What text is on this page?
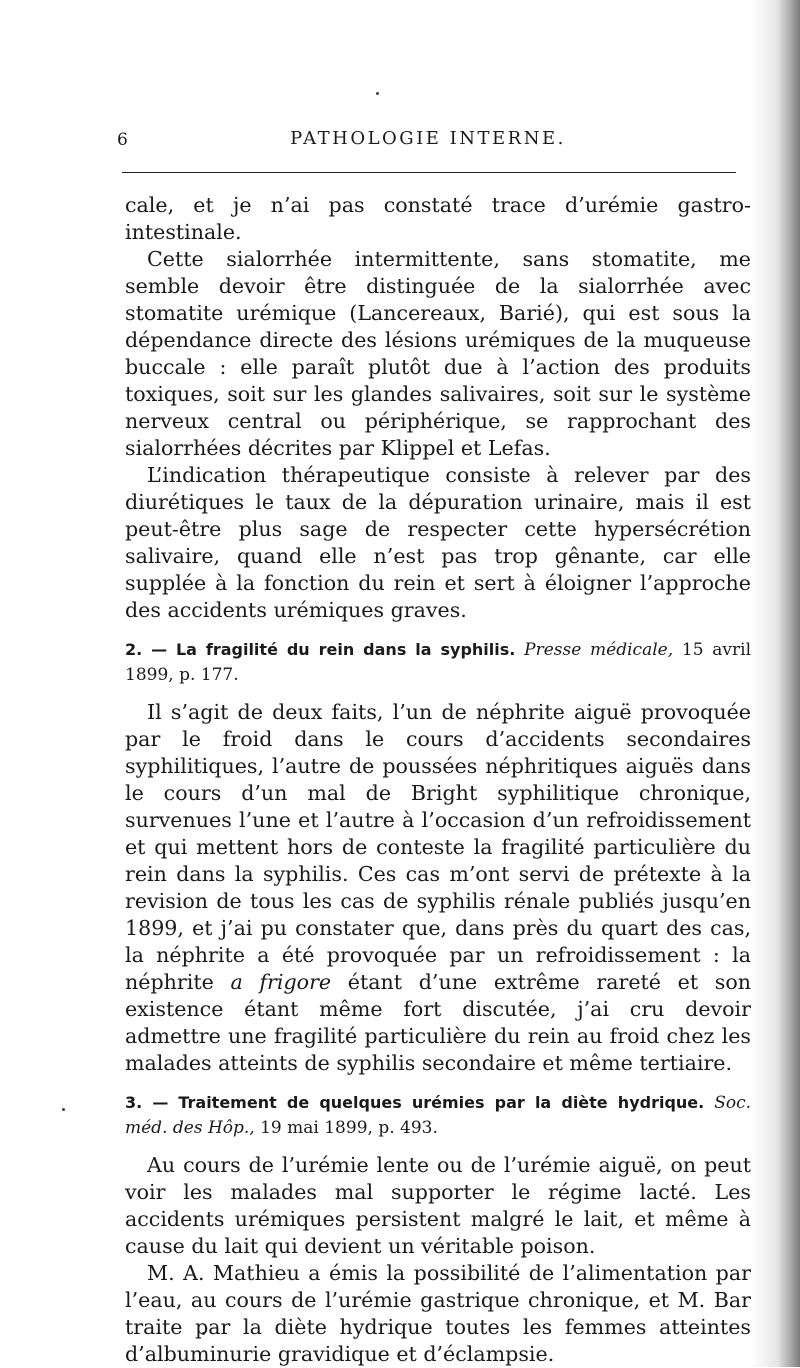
6	PATHOLOGIE INTERNE.

cale, et je n’ai pas constaté trace d’urémie gastro-intestinale.

Cette sialorrhée intermittente, sans stomatite, me semble devoir être distinguée de la sialorrhée avec stomatite urémique (Lancereaux, Barié), qui est sous la dépendance directe des lésions urémiques de la muqueuse buccale : elle paraît plutôt due à l’action des produits toxiques, soit sur les glandes salivaires, soit sur le système nerveux central ou périphérique, se rapprochant des sialorrhées décrites par Klippel et Lefas.

L’indication thérapeutique consiste à relever par des diurétiques le taux de la dépuration urinaire, mais il est peut-être plus sage de respecter cette hypersécrétion salivaire, quand elle n’est pas trop gênante, car elle supplée à la fonction du rein et sert à éloigner l’approche des accidents urémiques graves.

2. — La fragilité du rein dans la syphilis. Presse médicale, 15 avril 1899, p. 177.

Il s’agit de deux faits, l’un de néphrite aiguë provoquée par le froid dans le cours d’accidents secondaires syphilitiques, l’autre de poussées néphritiques aiguës dans le cours d’un mal de Bright syphilitique chronique, survenues l’une et l’autre à l’occasion d’un refroidissement et qui mettent hors de conteste la fragilité particulière du rein dans la syphilis. Ces cas m’ont servi de prétexte à la revision de tous les cas de syphilis rénale publiés jusqu’en 1899, et j’ai pu constater que, dans près du quart des cas, la néphrite a été provoquée par un refroidissement : la néphrite a frigore étant d’une extrême rareté et son existence étant même fort discutée, j’ai cru devoir admettre une fragilité particulière du rein au froid chez les malades atteints de syphilis secondaire et même tertiaire.

3. — Traitement de quelques urémies par la diète hydrique. Soc. méd. des Hôp., 19 mai 1899, p. 493.

Au cours de l’urémie lente ou de l’urémie aiguë, on peut voir les malades mal supporter le régime lacté. Les accidents urémiques persistent malgré le lait, et même à cause du lait qui devient un véritable poison.

M. A. Mathieu a émis la possibilité de l’alimentation par l’eau, au cours de l’urémie gastrique chronique, et M. Bar traite par la diète hydrique toutes les femmes atteintes d’albuminurie gravidique et d’éclampsie.
